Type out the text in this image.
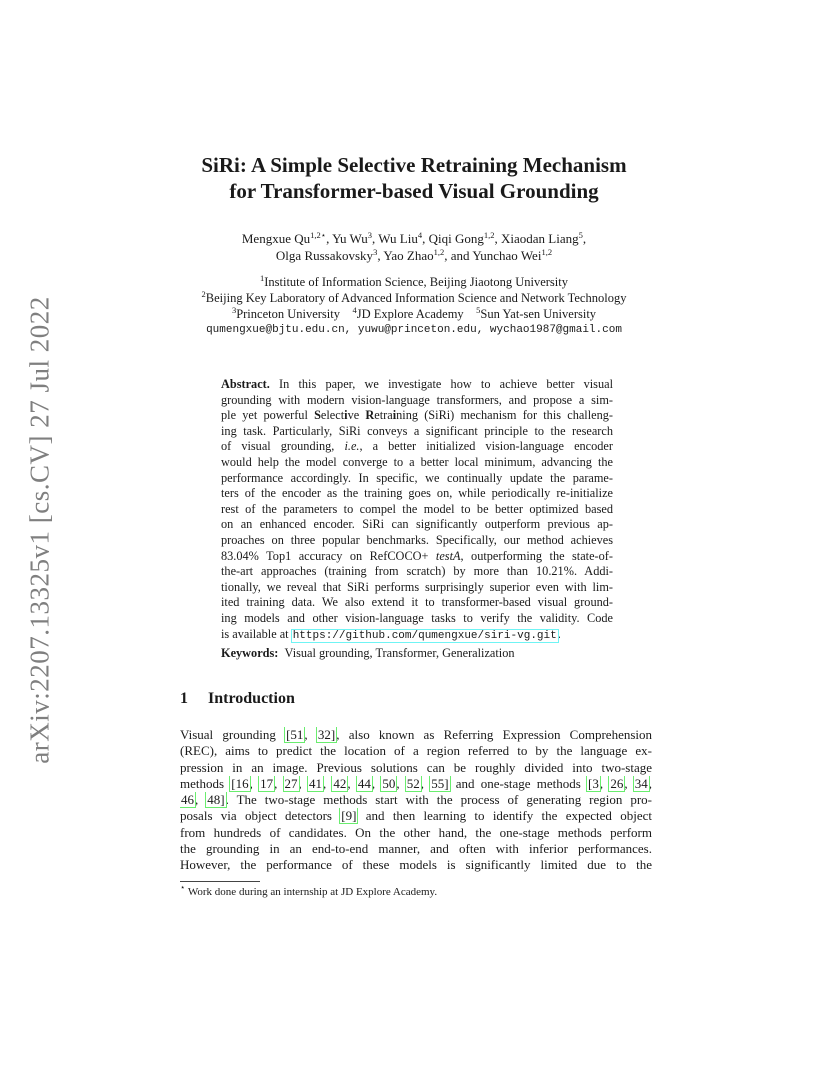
arXiv:2207.13325v1 [cs.CV] 27 Jul 2022
SiRi: A Simple Selective Retraining Mechanism
for Transformer-based Visual Grounding
Mengxue $Qu^{1,2⋆}$, Yu Wu$^3$, Wu Liu$^4$, Qiqi Gong$^{1,2}$, Xiaodan Liang$^5$,
Olga Russakovsky$^3$, Yao Zhao$^{1,2}$, and Yunchao Wei$^{1,2}$
$^1$Institute of Information Science, Beijing Jiaotong University
$^2$Beijing Key Laboratory of Advanced Information Science and Network Technology
$^3$Princeton University $^4$JD Explore Academy $^5$Sun Yat-sen University
qumengxue@bjtu.edu.cn, yuwu@princeton.edu, wychao1987@gmail.com
Abstract. In this paper, we investigate how to achieve better visual
grounding with modern vision-language transformers, and propose a sim-
ple yet powerful Selective Retraining (SiRi) mechanism for this challeng-
ing task. Particularly, SiRi conveys a significant principle to the research
of visual grounding, i.e., a better initialized vision-language encoder
would help the model converge to a better local minimum, advancing the
performance accordingly. In specific, we continually update the parame-
ters of the encoder as the training goes on, while periodically re-initialize
rest of the parameters to compel the model to be better optimized based
on an enhanced encoder. SiRi can significantly outperform previous ap-
proaches on three popular benchmarks. Specifically, our method achieves
83.04% Top1 accuracy on RefCOCO+ testA, outperforming the state-of-
the-art approaches (training from scratch) by more than 10.21%. Addi-
tionally, we reveal that SiRi performs surprisingly superior even with lim-
ited training data. We also extend it to transformer-based visual ground-
ing models and other vision-language tasks to verify the validity. Code
is available at https://github.com/qumengxue/siri-vg.git.
Keywords: Visual grounding, Transformer, Generalization
1 Introduction
Visual grounding [51, 32], also known as Referring Expression Comprehension
(REC), aims to predict the location of a region referred to by the language ex-
pression in an image. Previous solutions can be roughly divided into two-stage
methods [16, 17, 27, 41, 42, 44, 50, 52, 55] and one-stage methods [3, 26, 34,
46, 48]. The two-stage methods start with the process of generating region pro-
posals via object detectors [9] and then learning to identify the expected object
from hundreds of candidates. On the other hand, the one-stage methods perform
the grounding in an end-to-end manner, and often with inferior performances.
However, the performance of these models is significantly limited due to the
⋆ Work done during an internship at JD Explore Academy.
